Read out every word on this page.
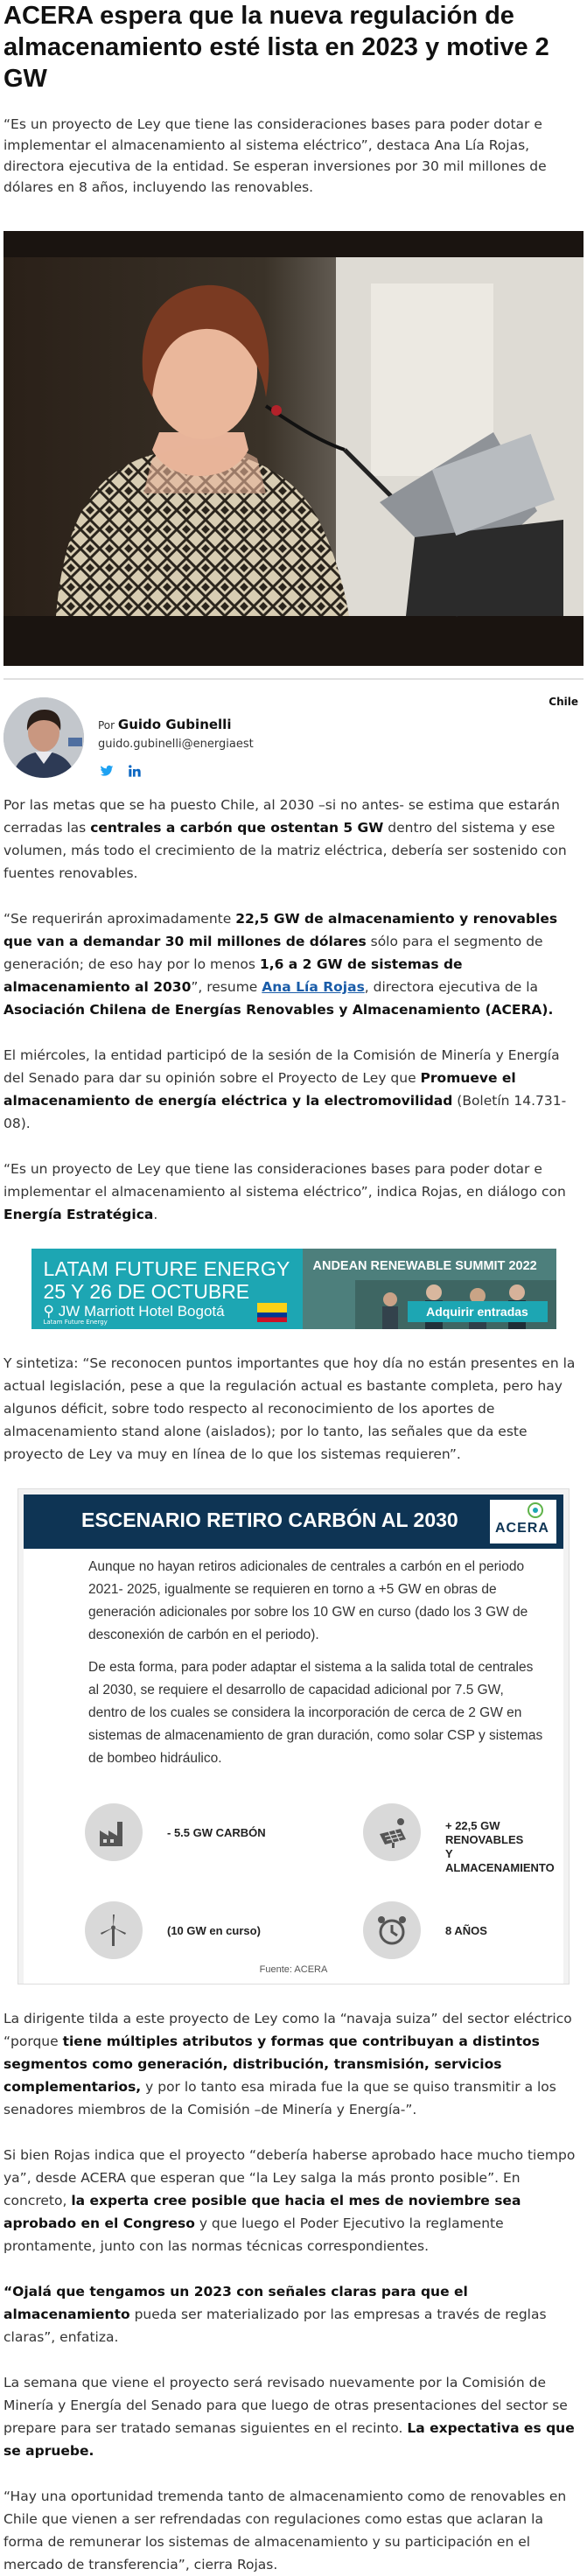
ACERA espera que la nueva regulación de almacenamiento esté lista en 2023 y motive 2 GW

“Es un proyecto de Ley que tiene las consideraciones bases para poder dotar e implementar el almacenamiento al sistema eléctrico”, destaca Ana Lía Rojas, directora ejecutiva de la entidad. Se esperan inversiones por 30 mil millones de dólares en 8 años, incluyendo las renovables.

Chile
Por Guido Gubinelli
guido.gubinelli@energiaest

Por las metas que se ha puesto Chile, al 2030 –si no antes- se estima que estarán cerradas las centrales a carbón que ostentan 5 GW dentro del sistema y ese volumen, más todo el crecimiento de la matriz eléctrica, debería ser sostenido con fuentes renovables.

“Se requerirán aproximadamente 22,5 GW de almacenamiento y renovables que van a demandar 30 mil millones de dólares sólo para el segmento de generación; de eso hay por lo menos 1,6 a 2 GW de sistemas de almacenamiento al 2030”, resume Ana Lía Rojas, directora ejecutiva de la Asociación Chilena de Energías Renovables y Almacenamiento (ACERA).

El miércoles, la entidad participó de la sesión de la Comisión de Minería y Energía del Senado para dar su opinión sobre el Proyecto de Ley que Promueve el almacenamiento de energía eléctrica y la electromovilidad (Boletín 14.731-08).

“Es un proyecto de Ley que tiene las consideraciones bases para poder dotar e implementar el almacenamiento al sistema eléctrico”, indica Rojas, en diálogo con Energía Estratégica.

LATAM FUTURE ENERGY
25 Y 26 DE OCTUBRE
⚲ JW Marriott Hotel Bogotá
Latam Future Energy
ANDEAN RENEWABLE SUMMIT 2022
Adquirir entradas

Y sintetiza: “Se reconocen puntos importantes que hoy día no están presentes en la actual legislación, pese a que la regulación actual es bastante completa, pero hay algunos déficit, sobre todo respecto al reconocimiento de los aportes de almacenamiento stand alone (aislados); por lo tanto, las señales que da este proyecto de Ley va muy en línea de lo que los sistemas requieren”.

ESCENARIO RETIRO CARBÓN AL 2030	ACERA

Aunque no hayan retiros adicionales de centrales a carbón en el periodo 2021- 2025, igualmente se requieren en torno a +5 GW en obras de generación adicionales por sobre los 10 GW en curso (dado los 3 GW de desconexión de carbón en el periodo).

De esta forma, para poder adaptar el sistema a la salida total de centrales al 2030, se requiere el desarrollo de capacidad adicional por 7.5 GW, dentro de los cuales se considera la incorporación de cerca de 2 GW en sistemas de almacenamiento de gran duración, como solar CSP y sistemas de bombeo hidráulico.

- 5.5 GW CARBÓN
+ 22,5 GW RENOVABLES
Y ALMACENAMIENTO
(10 GW en curso)	8 AÑOS
Fuente: ACERA

La dirigente tilda a este proyecto de Ley como la “navaja suiza” del sector eléctrico “porque tiene múltiples atributos y formas que contribuyan a distintos segmentos como generación, distribución, transmisión, servicios complementarios, y por lo tanto esa mirada fue la que se quiso transmitir a los senadores miembros de la Comisión –de Minería y Energía-”.

Si bien Rojas indica que el proyecto “debería haberse aprobado hace mucho tiempo ya”, desde ACERA que esperan que “la Ley salga la más pronto posible”. En concreto, la experta cree posible que hacia el mes de noviembre sea aprobado en el Congreso y que luego el Poder Ejecutivo la reglamente prontamente, junto con las normas técnicas correspondientes.

“Ojalá que tengamos un 2023 con señales claras para que el almacenamiento pueda ser materializado por las empresas a través de reglas claras”, enfatiza.

La semana que viene el proyecto será revisado nuevamente por la Comisión de Minería y Energía del Senado para que luego de otras presentaciones del sector se prepare para ser tratado semanas siguientes en el recinto. La expectativa es que se apruebe.

“Hay una oportunidad tremenda tanto de almacenamiento como de renovables en Chile que vienen a ser refrendadas con regulaciones como estas que aclaran la forma de remunerar los sistemas de almacenamiento y su participación en el mercado de transferencia”, cierra Rojas.
